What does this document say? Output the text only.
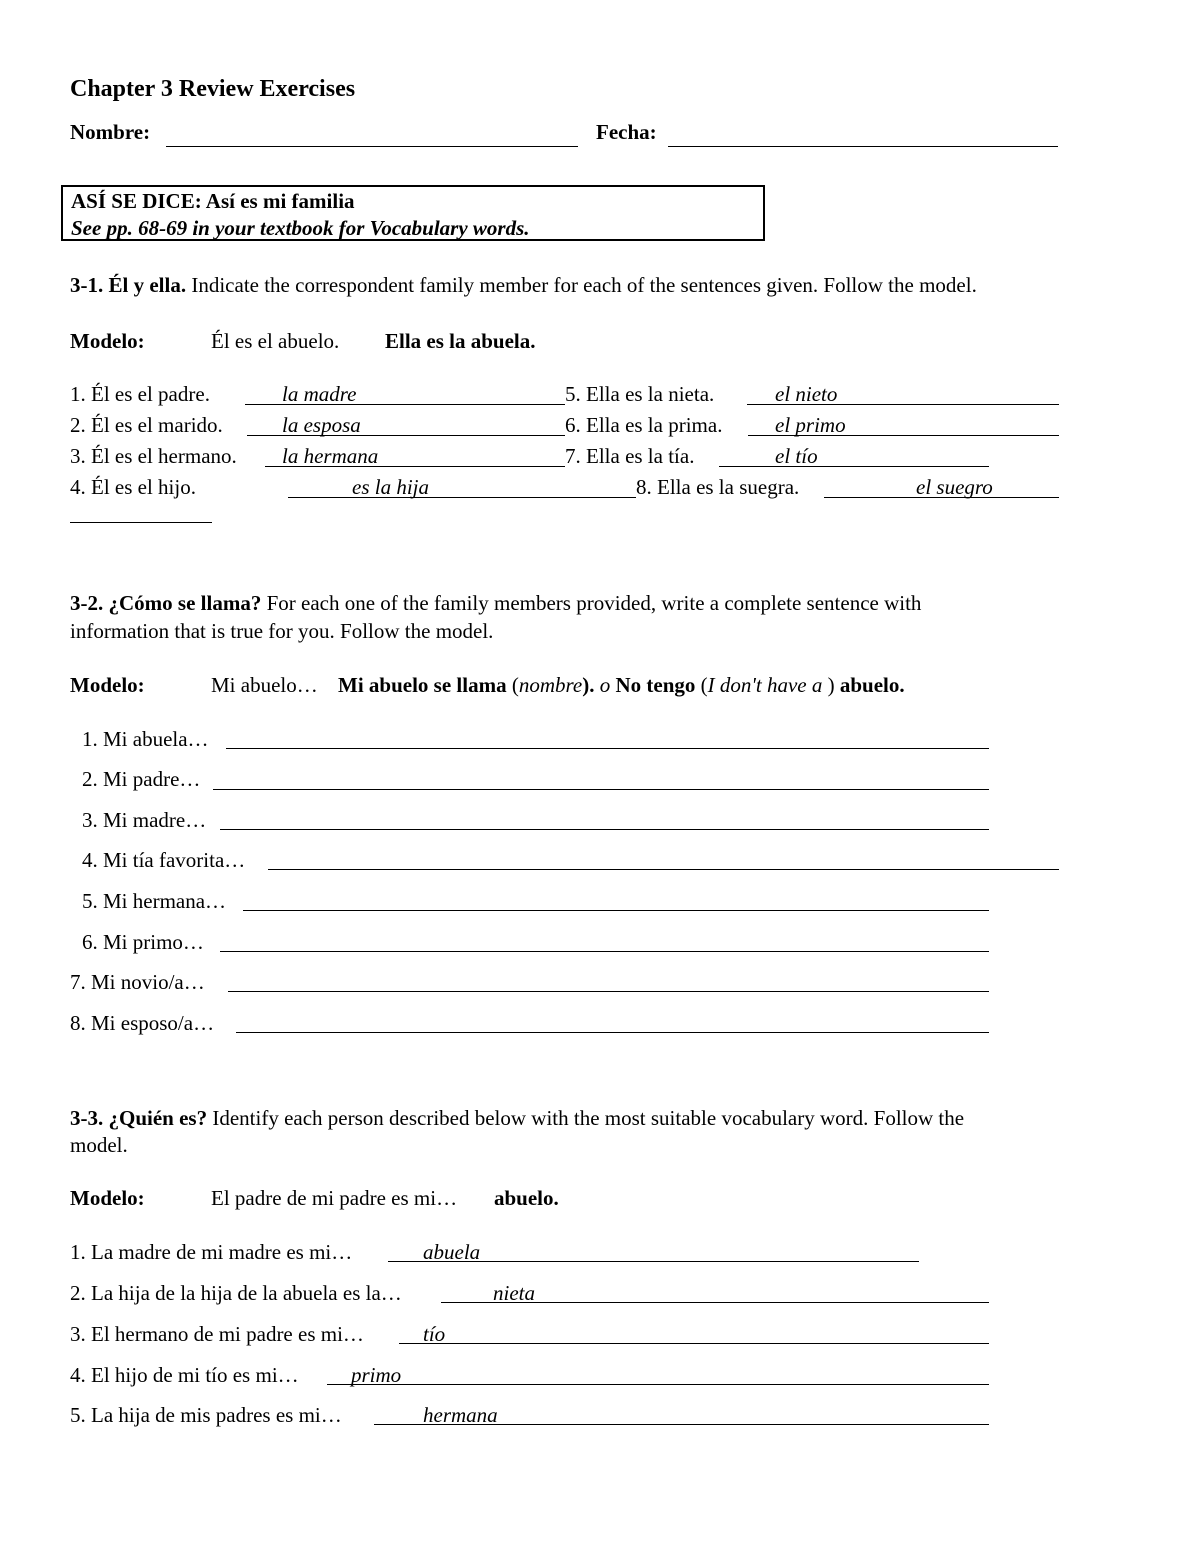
Chapter 3 Review Exercises
Nombre:	Fecha:
ASÍ SE DICE: Así es mi familia
See pp. 68-69 in your textbook for Vocabulary words.
3-1. Él y ella. Indicate the correspondent family member for each of the sentences given. Follow the model.
Modelo:	Él es el abuelo. Ella es la abuela.
1. Él es el padre.	la madre
2. Él es el marido.	la esposa
3. Él es el hermano. la hermana
4. Él es el hijo.	es la hija
5. Ella es la nieta.	el nieto
6. Ella es la prima.	el primo
7. Ella es la tía.	el tío
8. Ella es la suegra.	el suegro
3-2. ¿Cómo se llama? For each one of the family members provided, write a complete sentence with
information that is true for you. Follow the model.
Modelo:	Mi abuelo… Mi abuelo se llama (nombre). o No tengo (I don't have a ) abuelo.
1. Mi abuela…
2. Mi padre…
3. Mi madre…
4. Mi tía favorita…
5. Mi hermana…
6. Mi primo…
7. Mi novio/a…
8. Mi esposo/a…
3-3. ¿Quién es? Identify each person described below with the most suitable vocabulary word. Follow the
model.
Modelo:	El padre de mi padre es mi… abuelo.
1. La madre de mi madre es mi…	abuela
2. La hija de la hija de la abuela es la…	nieta
3. El hermano de mi padre es mi…	tío
4. El hijo de mi tío es mi… primo
5. La hija de mis padres es mi…	hermana
